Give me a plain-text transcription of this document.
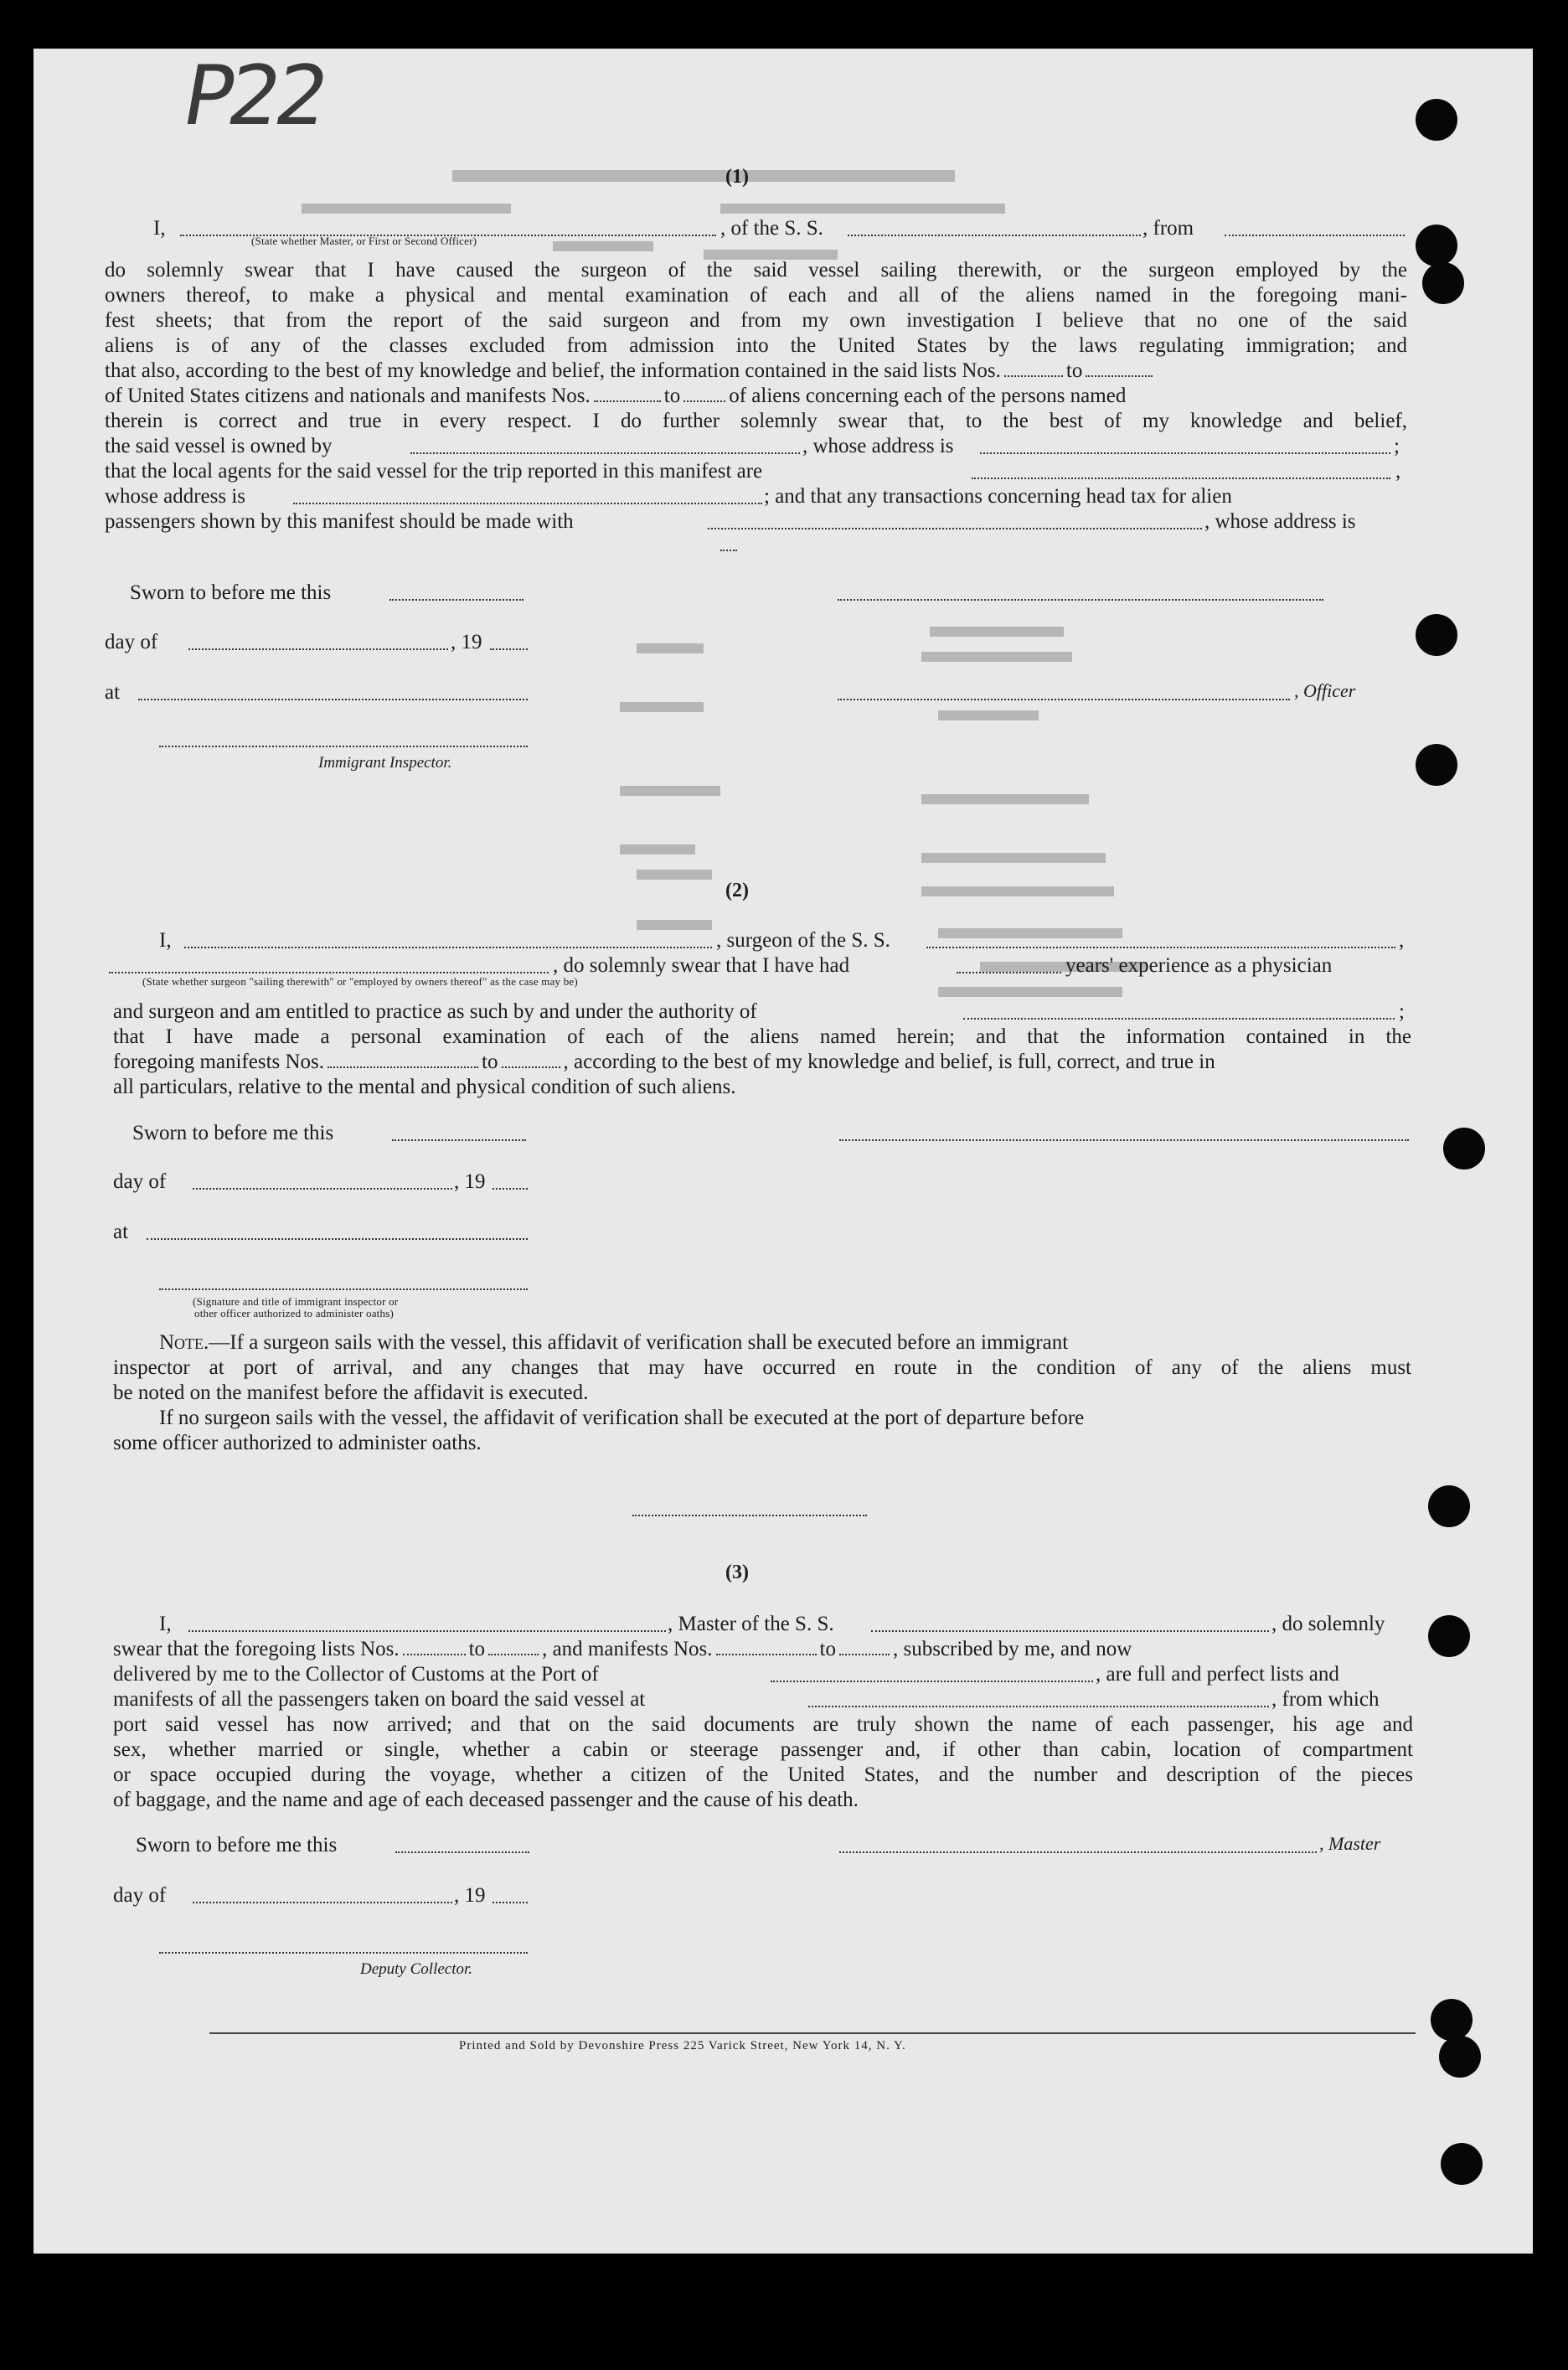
P22
(1)
I,	, of the S. S.	, from
(State whether Master, or First or Second Officer)
do solemnly swear that I have caused the surgeon of the said vessel sailing therewith, or the surgeon employed by the
owners thereof, to make a physical and mental examination of each and all of the aliens named in the foregoing mani-
fest sheets; that from the report of the said surgeon and from my own investigation I believe that no one of the said
aliens is of any of the classes excluded from admission into the United States by the laws regulating immigration; and
that also, according to the best of my knowledge and belief, the information contained in the said lists Nos.	to
of United States citizens and nationals and manifests Nos.	to of aliens concerning each of the persons named
therein is correct and true in every respect. I do further solemnly swear that, to the best of my knowledge and belief,
the said vessel is owned by	, whose address is	;
that the local agents for the said vessel for the trip reported in this manifest are	,
whose address is	; and that any transactions concerning head tax for alien
passengers shown by this manifest should be made with	, whose address is
Sworn to before me this
day of	, 19
at	, Officer
Immigrant Inspector.
(2)
I,	, surgeon of the S. S.	,
, do solemnly swear that I have had	years' experience as a physician
(State whether surgeon "sailing therewith" or "employed by owners thereof" as the case may be)
and surgeon and am entitled to practice as such by and under the authority of	;
that I have made a personal examination of each of the aliens named herein; and that the information contained in the
foregoing manifests Nos.	to	, according to the best of my knowledge and belief, is full, correct, and true in
all particulars, relative to the mental and physical condition of such aliens.
Sworn to before me this
day of	, 19
at
(Signature and title of immigrant inspector or
other officer authorized to administer oaths)
Note.—If a surgeon sails with the vessel, this affidavit of verification shall be executed before an immigrant
inspector at port of arrival, and any changes that may have occurred en route in the condition of any of the aliens must
be noted on the manifest before the affidavit is executed.
If no surgeon sails with the vessel, the affidavit of verification shall be executed at the port of departure before
some officer authorized to administer oaths.
(3)
I,	, Master of the S. S.	, do solemnly
swear that the foregoing lists Nos.	to	, and manifests Nos.	to	, subscribed by me, and now
delivered by me to the Collector of Customs at the Port of	, are full and perfect lists and
manifests of all the passengers taken on board the said vessel at	, from which
port said vessel has now arrived; and that on the said documents are truly shown the name of each passenger, his age and
sex, whether married or single, whether a cabin or steerage passenger and, if other than cabin, location of compartment
or space occupied during the voyage, whether a citizen of the United States, and the number and description of the pieces
of baggage, and the name and age of each deceased passenger and the cause of his death.
Sworn to before me this	, Master
day of	, 19
Deputy Collector.
Printed and Sold by Devonshire Press 225 Varick Street, New York 14, N. Y.
